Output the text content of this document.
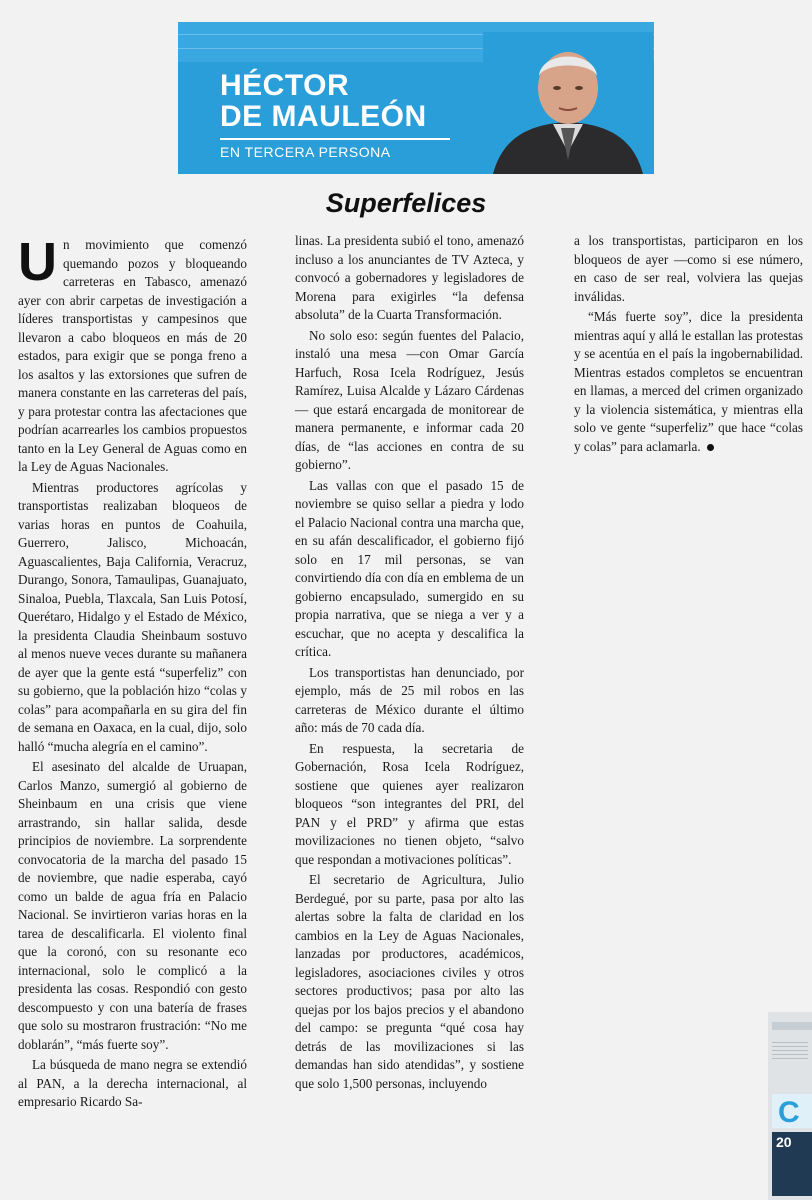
HÉCTOR
DE MAULEÓN
EN TERCERA PERSONA
Superfelices

Un movimiento que comenzó quemando pozos y bloqueando carreteras en Tabasco, amenazó ayer con abrir carpetas de investigación a líderes transportistas y campesinos que llevaron a cabo bloqueos en más de 20 estados, para exigir que se ponga freno a los asaltos y las extorsiones que sufren de manera constante en las carreteras del país, y para protestar contra las afectaciones que podrían acarrearles los cambios propuestos tanto en la Ley General de Aguas como en la Ley de Aguas Nacionales.

Mientras productores agrícolas y transportistas realizaban bloqueos de varias horas en puntos de Coahuila, Guerrero, Jalisco, Michoacán, Aguascalientes, Baja California, Veracruz, Durango, Sonora, Tamaulipas, Guanajuato, Sinaloa, Puebla, Tlaxcala, San Luis Potosí, Querétaro, Hidalgo y el Estado de México, la presidenta Claudia Sheinbaum sostuvo al menos nueve veces durante su mañanera de ayer que la gente está “superfeliz” con su gobierno, que la población hizo “colas y colas” para acompañarla en su gira del fin de semana en Oaxaca, en la cual, dijo, solo halló “mucha alegría en el camino”.

El asesinato del alcalde de Uruapan, Carlos Manzo, sumergió al gobierno de Sheinbaum en una crisis que viene arrastrando, sin hallar salida, desde principios de noviembre. La sorprendente convocatoria de la marcha del pasado 15 de noviembre, que nadie esperaba, cayó como un balde de agua fría en Palacio Nacional. Se invirtieron varias horas en la tarea de descalificarla. El violento final que la coronó, con su resonante eco internacional, solo le complicó a la presidenta las cosas. Respondió con gesto descompuesto y con una batería de frases que solo su mostraron frustración: “No me doblarán”, “más fuerte soy”.

La búsqueda de mano negra se extendió al PAN, a la derecha internacional, al empresario Ricardo Sa-

linas. La presidenta subió el tono, amenazó incluso a los anunciantes de TV Azteca, y convocó a gobernadores y legisladores de Morena para exigirles “la defensa absoluta” de la Cuarta Transformación.

No solo eso: según fuentes del Palacio, instaló una mesa —con Omar García Harfuch, Rosa Icela Rodríguez, Jesús Ramírez, Luisa Alcalde y Lázaro Cárdenas— que estará encargada de monitorear de manera permanente, e informar cada 20 días, de “las acciones en contra de su gobierno”.

Las vallas con que el pasado 15 de noviembre se quiso sellar a piedra y lodo el Palacio Nacional contra una marcha que, en su afán descalificador, el gobierno fijó solo en 17 mil personas, se van convirtiendo día con día en emblema de un gobierno encapsulado, sumergido en su propia narrativa, que se niega a ver y a escuchar, que no acepta y descalifica la crítica.

Los transportistas han denunciado, por ejemplo, más de 25 mil robos en las carreteras de México durante el último año: más de 70 cada día.

En respuesta, la secretaria de Gobernación, Rosa Icela Rodríguez, sostiene que quienes ayer realizaron bloqueos “son integrantes del PRI, del PAN y el PRD” y afirma que estas movilizaciones no tienen objeto, “salvo que respondan a motivaciones políticas”.

El secretario de Agricultura, Julio Berdegué, por su parte, pasa por alto las alertas sobre la falta de claridad en los cambios en la Ley de Aguas Nacionales, lanzadas por productores, académicos, legisladores, asociaciones civiles y otros sectores productivos; pasa por alto las quejas por los bajos precios y el abandono del campo: se pregunta “qué cosa hay detrás de las movilizaciones si las demandas han sido atendidas”, y sostiene que solo 1,500 personas, incluyendo

a los transportistas, participaron en los bloqueos de ayer —como si ese número, en caso de ser real, volviera las quejas inválidas.

“Más fuerte soy”, dice la presidenta mientras aquí y allá le estallan las protestas y se acentúa en el país la ingobernabilidad. Mientras estados completos se encuentran en llamas, a merced del crimen organizado y la violencia sistemática, y mientras ella solo ve gente “superfeliz” que hace “colas y colas” para aclamarla.

C
20
